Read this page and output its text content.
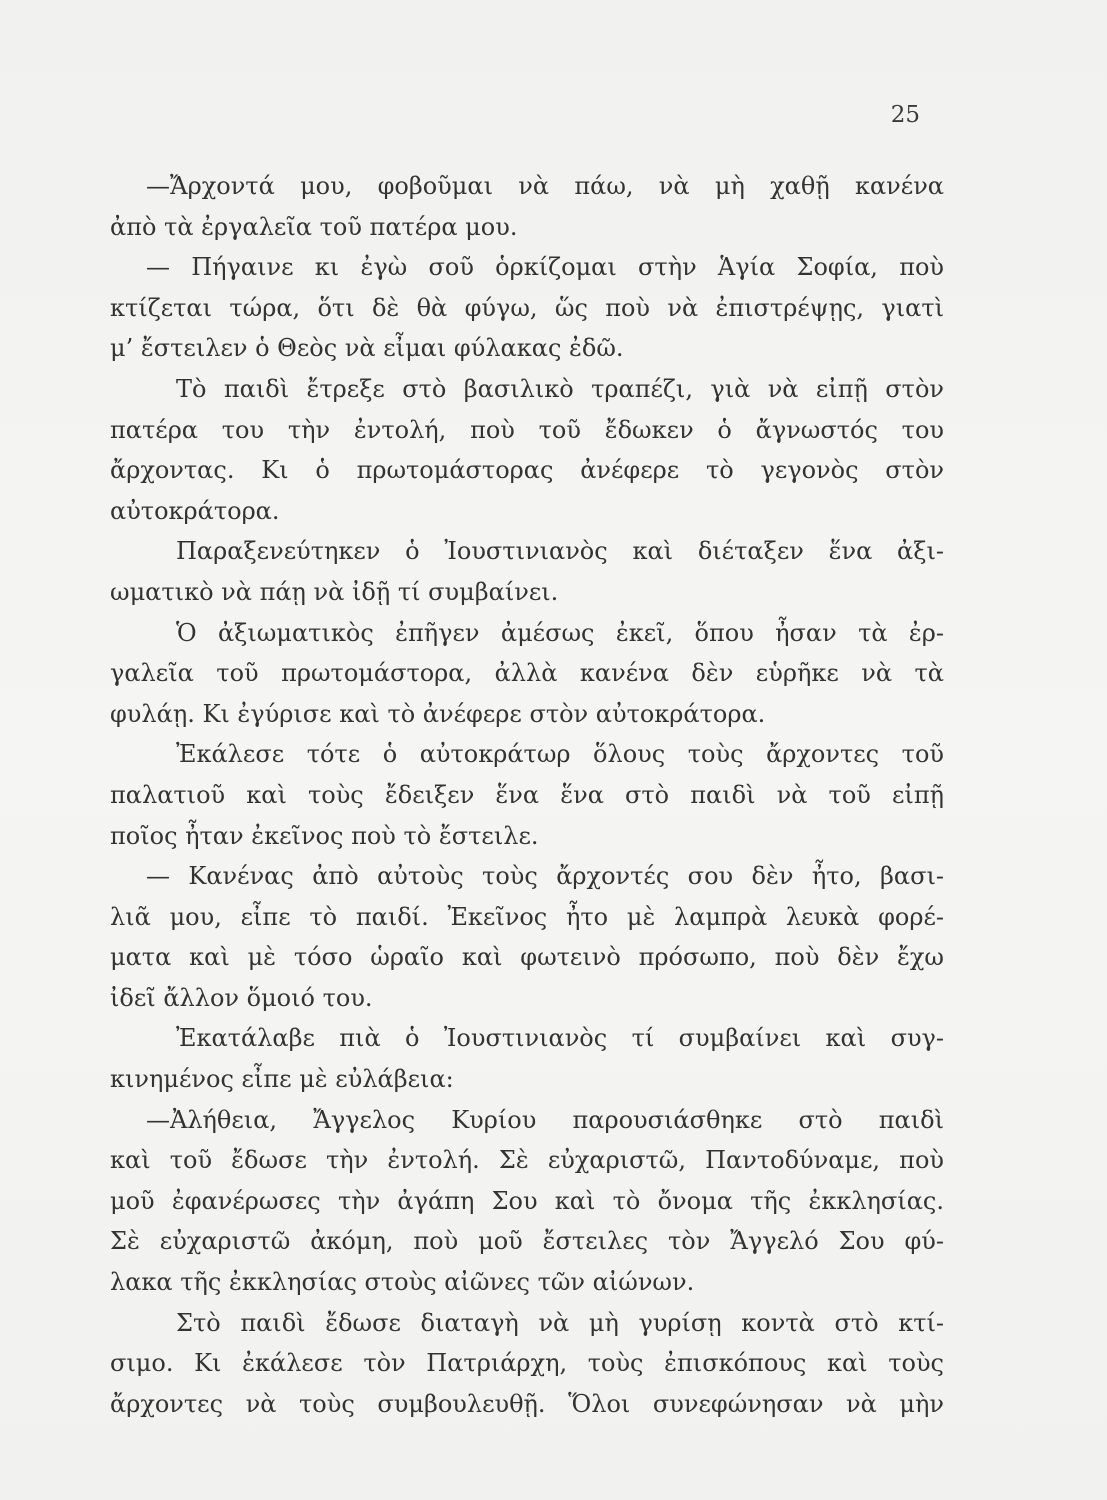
25
—Ἄρχοντά μου, φοβοῦμαι νὰ πάω, νὰ μὴ χαθῇ κανένα
ἀπὸ τὰ ἐργαλεῖα τοῦ πατέρα μου.
— Πήγαινε κι ἐγὼ σοῦ ὁρκίζομαι στὴν Ἁγία Σοφία, ποὺ
κτίζεται τώρα, ὅτι δὲ θὰ φύγω, ὥς ποὺ νὰ ἐπιστρέψῃς, γιατὶ
μ’ ἔστειλεν ὁ Θεὸς νὰ εἶμαι φύλακας ἐδῶ.
Τὸ παιδὶ ἔτρεξε στὸ βασιλικὸ τραπέζι, γιὰ νὰ εἰπῇ στὸν
πατέρα του τὴν ἐντολή, ποὺ τοῦ ἔδωκεν ὁ ἄγνωστός του
ἄρχοντας. Κι ὁ πρωτομάστορας ἀνέφερε τὸ γεγονὸς στὸν
αὐτοκράτορα.
Παραξενεύτηκεν ὁ Ἰουστινιανὸς καὶ διέταξεν ἕνα ἀξι-
ωματικὸ νὰ πάῃ νὰ ἰδῇ τί συμβαίνει.
Ὁ ἀξιωματικὸς ἐπῆγεν ἀμέσως ἐκεῖ, ὅπου ἦσαν τὰ ἐρ-
γαλεῖα τοῦ πρωτομάστορα, ἀλλὰ κανένα δὲν εὑρῆκε νὰ τὰ
φυλάῃ. Κι ἐγύρισε καὶ τὸ ἀνέφερε στὸν αὐτοκράτορα.
Ἐκάλεσε τότε ὁ αὐτοκράτωρ ὅλους τοὺς ἄρχοντες τοῦ
παλατιοῦ καὶ τοὺς ἔδειξεν ἕνα ἕνα στὸ παιδὶ νὰ τοῦ εἰπῇ
ποῖος ἦταν ἐκεῖνος ποὺ τὸ ἔστειλε.
— Κανένας ἀπὸ αὐτοὺς τοὺς ἄρχοντές σου δὲν ἦτο, βασι-
λιᾶ μου, εἶπε τὸ παιδί. Ἐκεῖνος ἦτο μὲ λαμπρὰ λευκὰ φορέ-
ματα καὶ μὲ τόσο ὡραῖο καὶ φωτεινὸ πρόσωπο, ποὺ δὲν ἔχω
ἰδεῖ ἄλλον ὅμοιό του.
Ἐκατάλαβε πιὰ ὁ Ἰουστινιανὸς τί συμβαίνει καὶ συγ-
κινημένος εἶπε μὲ εὐλάβεια:
—Ἀλήθεια, Ἄγγελος Κυρίου παρουσιάσθηκε στὸ παιδὶ
καὶ τοῦ ἔδωσε τὴν ἐντολή. Σὲ εὐχαριστῶ, Παντοδύναμε, ποὺ
μοῦ ἐφανέρωσες τὴν ἀγάπη Σου καὶ τὸ ὄνομα τῆς ἐκκλησίας.
Σὲ εὐχαριστῶ ἀκόμη, ποὺ μοῦ ἔστειλες τὸν Ἄγγελό Σου φύ-
λακα τῆς ἐκκλησίας στοὺς αἰῶνες τῶν αἰώνων.
Στὸ παιδὶ ἔδωσε διαταγὴ νὰ μὴ γυρίσῃ κοντὰ στὸ κτί-
σιμο. Κι ἐκάλεσε τὸν Πατριάρχη, τοὺς ἐπισκόπους καὶ τοὺς
ἄρχοντες νὰ τοὺς συμβουλευθῇ. Ὅλοι συνεφώνησαν νὰ μὴν
